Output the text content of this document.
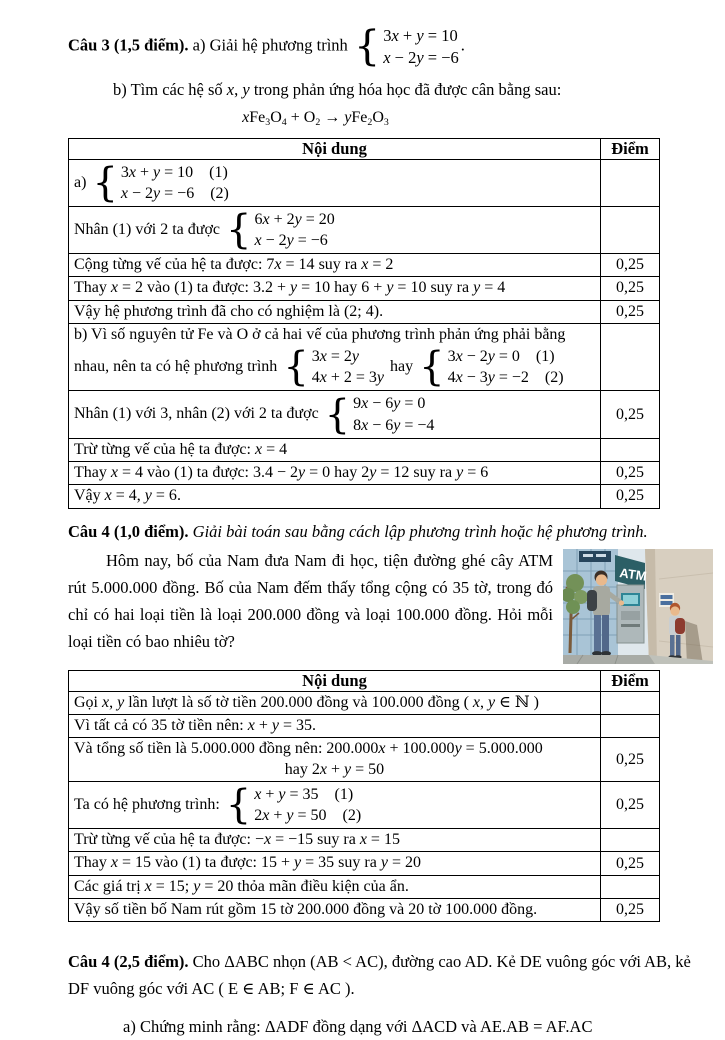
Câu 3 (1,5 điểm). a) Giải hệ phương trình { 3x + y = 10
x − 2y = −6
.

b) Tìm các hệ số x, y trong phản ứng hóa học đã được cân bằng sau:

xFe3O4 + O2 → yFe2O3

Nội dung	Điểm

a) { 3x + y = 10 (1)
x − 2y = −6 (2)

Nhân (1) với 2 ta được { 6x + 2y = 20
x − 2y = −6	

Cộng từng vế của hệ ta được: 7x = 14 suy ra x = 2	0,25

Thay x = 2 vào (1) ta được: 3.2 + y = 10 hay 6 + y = 10 suy ra y = 4	0,25

Vậy hệ phương trình đã cho có nghiệm là (2; 4).	0,25

b) Vì số nguyên tử Fe và O ở cả hai vế của phương trình phản ứng phải bằng nhau, nên ta có hệ phương trình { 3x = 2y
4x + 2 = 3y
hay { 3x − 2y = 0 (1)
4x − 3y = −2 (2)

Nhân (1) với 3, nhân (2) với 2 ta được { 9x − 6y = 0
8x − 6y = −4	0,25

Trừ từng vế của hệ ta được: x = 4	

Thay x = 4 vào (1) ta được: 3.4 − 2y = 0 hay 2y = 12 suy ra y = 6	0,25

Vậy x = 4, y = 6.	0,25

Câu 4 (1,0 điểm). Giải bài toán sau bằng cách lập phương trình hoặc hệ phương trình.

ATM

Hôm nay, bố của Nam đưa Nam đi học, tiện đường ghé cây ATM rút 5.000.000 đồng. Bố của Nam đếm thấy tổng cộng có 35 tờ, trong đó chỉ có hai loại tiền là loại 200.000 đồng và loại 100.000 đồng. Hỏi mỗi loại tiền có bao nhiêu tờ?

Nội dung	Điểm

Gọi x, y lần lượt là số tờ tiền 200.000 đồng và 100.000 đồng ( x, y ∈ ℕ )	

Vì tất cả có 35 tờ tiền nên: x + y = 35.	

Và tổng số tiền là 5.000.000 đồng nên: 200.000x + 100.000y = 5.000.000
hay 2x + y = 50	0,25

Ta có hệ phương trình: { x + y = 35 (1)
2x + y = 50 (2)
	0,25

Trừ từng vế của hệ ta được: −x = −15 suy ra x = 15	

Thay x = 15 vào (1) ta được: 15 + y = 35 suy ra y = 20	0,25

Các giá trị x = 15; y = 20 thỏa mãn điều kiện của ẩn.	

Vậy số tiền bố Nam rút gồm 15 tờ 200.000 đồng và 20 tờ 100.000 đồng.	0,25

Câu 4 (2,5 điểm). Cho ΔABC nhọn (AB < AC), đường cao AD. Kẻ DE vuông góc với AB, kẻ DF vuông góc với AC ( E ∈ AB; F ∈ AC ).

a) Chứng minh rằng: ΔADF đồng dạng với ΔACD và AE.AB = AF.AC
